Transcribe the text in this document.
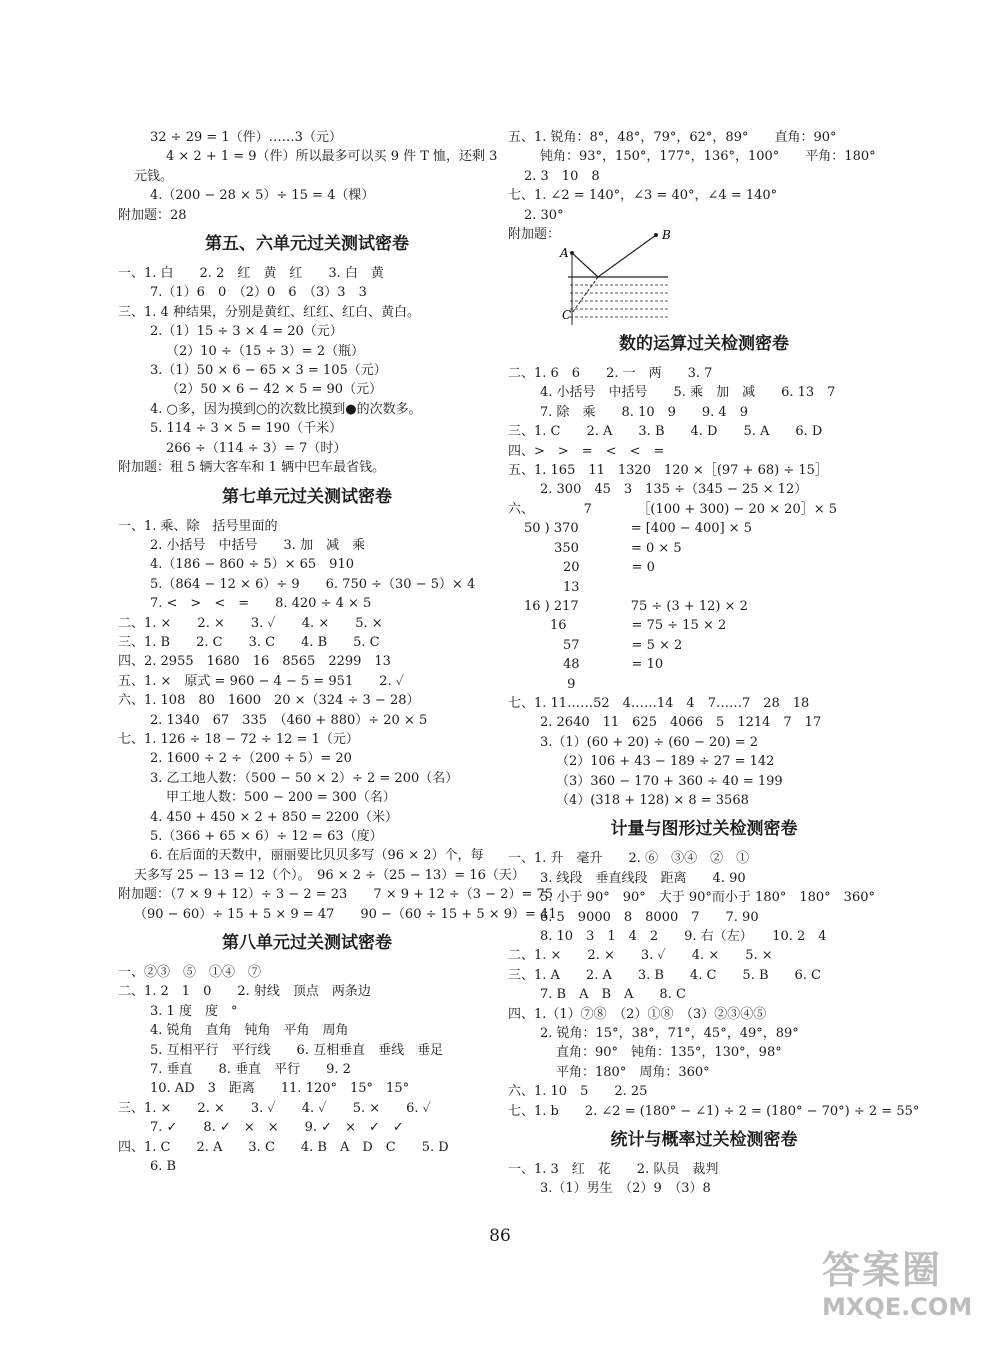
32 ÷ 29 = 1（件）……3（元）
4 × 2 + 1 = 9（件）所以最多可以买 9 件 T 恤，还剩 3
元钱。
4.（200 − 28 × 5）÷ 15 = 4（棵）
附加题：28
第五、六单元过关测试密卷
一、1. 白　　2. 2　红　黄　红　　3. 白　黄
7.（1）6　0　（2）0　6　（3）3　3
三、1. 4 种结果，分别是黄红、红红、红白、黄白。
2.（1）15 ÷ 3 × 4 = 20（元）
（2）10 ÷（15 ÷ 3）= 2（瓶）
3.（1）50 × 6 − 65 × 3 = 105（元）
（2）50 × 6 − 42 × 5 = 90（元）
4. ○多，因为摸到○的次数比摸到●的次数多。
5. 114 ÷ 3 × 5 = 190（千米）
266 ÷（114 ÷ 3）= 7（时）
附加题：租 5 辆大客车和 1 辆中巴车最省钱。
第七单元过关测试密卷
一、1. 乘、除　括号里面的
2. 小括号　中括号　　3. 加　减　乘
4.（186 − 860 ÷ 5）× 65　910
5.（864 − 12 × 6）÷ 9　　6. 750 ÷（30 − 5）× 4
7. <　>　<　=　　8. 420 ÷ 4 × 5
二、1. ×　　2. ×　　3. ✓　　4. ×　　5. ×
三、1. B　　2. C　　3. C　　4. B　　5. C
四、2. 2955　1680　16　8565　2299　13
五、1. ×　原式 = 960 − 4 − 5 = 951　　2. ✓
六、1. 108　80　1600　20 ×（324 ÷ 3 − 28）
2. 1340　67　335　（460 + 880）÷ 20 × 5
七、1. 126 ÷ 18 − 72 ÷ 12 = 1（元）
2. 1600 ÷ 2 ÷（200 ÷ 5）= 20
3. 乙工地人数：（500 − 50 × 2）÷ 2 = 200（名）
甲工地人数：500 − 200 = 300（名）
4. 450 + 450 × 2 + 850 = 2200（米）
5.（366 + 65 × 6）÷ 12 = 63（度）
6. 在后面的天数中，丽丽要比贝贝多写（96 × 2）个，每
天多写 25 − 13 = 12（个）。　96 × 2 ÷（25 − 13）= 16（天）
附加题：（7 × 9 + 12）÷ 3 − 2 = 23　　7 × 9 + 12 ÷（3 − 2）= 75
（90 − 60）÷ 15 + 5 × 9 = 47　　90 −（60 ÷ 15 + 5 × 9）= 41
第八单元过关测试密卷
一、②③　⑤　①④　⑦
二、1. 2　1　0　　2. 射线　顶点　两条边
3. 1 度　度　°
4. 锐角　直角　钝角　平角　周角
5. 互相平行　平行线　　6. 互相垂直　垂线　垂足
7. 垂直　　8. 垂直　平行　　9. 2
10. AD　3　距离　　11. 120°　15°　15°
三、1. ×　　2. ×　　3. ✓　　4. ✓　　5. ×　　6. ✓
7. ✓　　8. ✓　×　×　　9. ✓　×　✓　✓
四、1. C　　2. A　　3. C　　4. B　A　D　C　　5. D
6. B
五、1. 锐角：8°，48°，79°，62°，89°　　直角：90°
钝角：93°，150°，177°，136°，100°　　平角：180°
2. 3　10　8
七、1. ∠2 = 140°，∠3 = 40°，∠4 = 140°
2. 30°
附加题：
A
B
C
数的运算过关检测密卷
二、1. 6　6　　2. 一　两　　3. 7
4. 小括号　中括号　　5. 乘　加　减　　6. 13　7
7. 除　乘　　8. 10　9　　9. 4　9
三、1. C　　2. A　　3. B　　4. D　　5. A　　6. D
四、>　>　=　<　<　=
五、1. 165　11　1320　120 ×［(97 + 68) ÷ 15］
2. 300　45　3　135 ÷（345 − 25 × 12）
六、　　　　 7　　　　［(100 + 300) − 20 × 20］× 5
50 ) 370　　　　= [400 − 400] × 5
　　 350　　　　= 0 × 5
　　　20　　　　= 0
　　　13
16 ) 217　　　　75 ÷ (3 + 12) × 2
　　16　　　　　= 75 ÷ 15 × 2
　　　57　　　　= 5 × 2
　　　48　　　　= 10
　　　 9
七、1. 11……52　4……14　4　7……7　28　18
2. 2640　11　625　4066　5　1214　7　17
3.（1）(60 + 20) ÷ (60 − 20) = 2
（2）106 + 43 − 189 ÷ 27 = 142
（3）360 − 170 + 360 ÷ 40 = 199
（4）(318 + 128) × 8 = 3568
计量与图形过关检测密卷
一、1. 升　毫升　　2. ⑥　③④　②　①
3. 线段　垂直线段　距离　　4. 90
5. 小于 90°　90°　大于 90°而小于 180°　180°　360°
6. 5　9000　8　8000　7　　7. 90
8. 10　3　1　4　2　　9. 右（左）　　10. 2　4
二、1. ×　　2. ×　　3. ✓　　4. ×　　5. ×
三、1. A　　2. A　　3. B　　4. C　　5. B　　6. C
7. B　A　B　A　　8. C
四、1.（1）⑦⑧　（2）①⑧　（3）②③④⑤
2. 锐角：15°，38°，71°，45°，49°，89°
直角：90°　钝角：135°，130°，98°
平角：180°　周角：360°
六、1. 10　5　　2. 25
七、1. b　　2. ∠2 = (180° − ∠1) ÷ 2 = (180° − 70°) ÷ 2 = 55°
统计与概率过关检测密卷
一、1. 3　红　花　　2. 队员　裁判
3.（1）男生　（2）9　（3）8
86
答案圈
MXQE.COM
